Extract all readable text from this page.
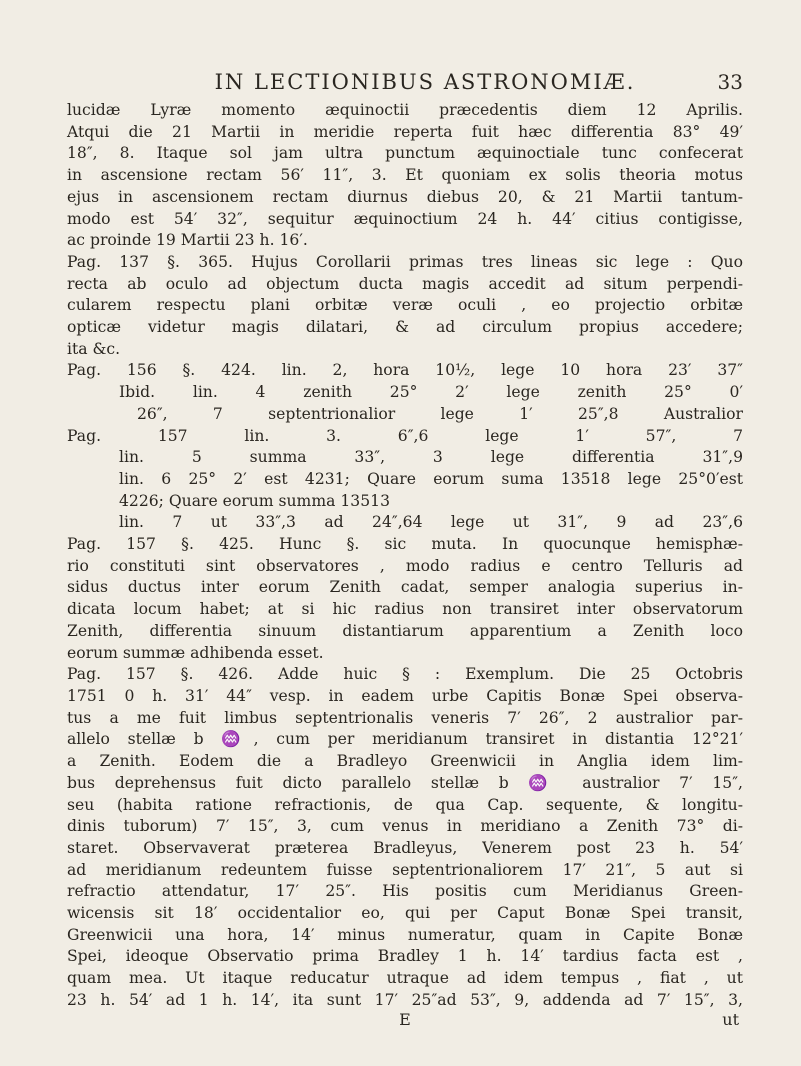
IN LECTIONIBUS ASTRONOMIÆ.	33

lucidæ Lyræ momento æquinoctii præcedentis diem 12 Aprilis.

Atqui die 21 Martii in meridie reperta fuit hæc differentia 83° 49′

18″, 8. Itaque sol jam ultra punctum æquinoctiale tunc confecerat

in ascensione rectam 56′ 11″, 3. Et quoniam ex solis theoria motus

ejus in ascensionem rectam diurnus diebus 20, & 21 Martii tantum-

modo est 54′ 32″, sequitur æquinoctium 24 h. 44′ citius contigisse,

ac proinde 19 Martii 23 h. 16′.

Pag. 137 §. 365. Hujus Corollarii primas tres lineas sic lege : Quo

recta ab oculo ad objectum ducta magis accedit ad situm perpendi-

cularem respectu plani orbitæ veræ oculi , eo projectio orbitæ

opticæ videtur magis dilatari, & ad circulum propius accedere;

ita &c.

Pag. 156 §. 424. lin. 2, hora 10½, lege 10 hora 23′ 37″

Ibid. lin. 4 zenith 25° 2′ lege zenith 25° 0′

26″, 7 septentrionalior lege 1′ 25″,8 Australior

Pag. 157 lin. 3. 6″,6 lege 1′ 57″, 7

lin. 5 summa 33″, 3 lege differentia 31″,9

lin. 6 25° 2′ est 4231; Quare eorum suma 13518 lege 25°0′est

4226; Quare eorum summa 13513

lin. 7 ut 33″,3 ad 24″,64 lege ut 31″, 9 ad 23″,6

Pag. 157 §. 425. Hunc §. sic muta. In quocunque hemisphæ-

rio constituti sint observatores , modo radius e centro Telluris ad

sidus ductus inter eorum Zenith cadat, semper analogia superius in-

dicata locum habet; at si hic radius non transiret inter observatorum

Zenith, differentia sinuum distantiarum apparentium a Zenith loco

eorum summæ adhibenda esset.

Pag. 157 §. 426. Adde huic § : Exemplum. Die 25 Octobris

1751 0 h. 31′ 44″ vesp. in eadem urbe Capitis Bonæ Spei observa-

tus a me fuit limbus septentrionalis veneris 7′ 26″, 2 australior par-

allelo stellæ b ♒, cum per meridianum transiret in distantia 12°21′

a Zenith. Eodem die a Bradleyo Greenwicii in Anglia idem lim-

bus deprehensus fuit dicto parallelo stellæ b ♒ australior 7′ 15″,

seu (habita ratione refractionis, de qua Cap. sequente, & longitu-

dinis tuborum) 7′ 15″, 3, cum venus in meridiano a Zenith 73° di-

staret. Observaverat præterea Bradleyus, Venerem post 23 h. 54′

ad meridianum redeuntem fuisse septentrionaliorem 17′ 21″, 5 aut si

refractio attendatur, 17′ 25″. His positis cum Meridianus Green-

wicensis sit 18′ occidentalior eo, qui per Caput Bonæ Spei transit,

Greenwicii una hora, 14′ minus numeratur, quam in Capite Bonæ

Spei, ideoque Observatio prima Bradley 1 h. 14′ tardius facta est ,

quam mea. Ut itaque reducatur utraque ad idem tempus , fiat , ut

23 h. 54′ ad 1 h. 14′, ita sunt 17′ 25″ad 53″, 9, addenda ad 7′ 15″, 3,

E	ut
